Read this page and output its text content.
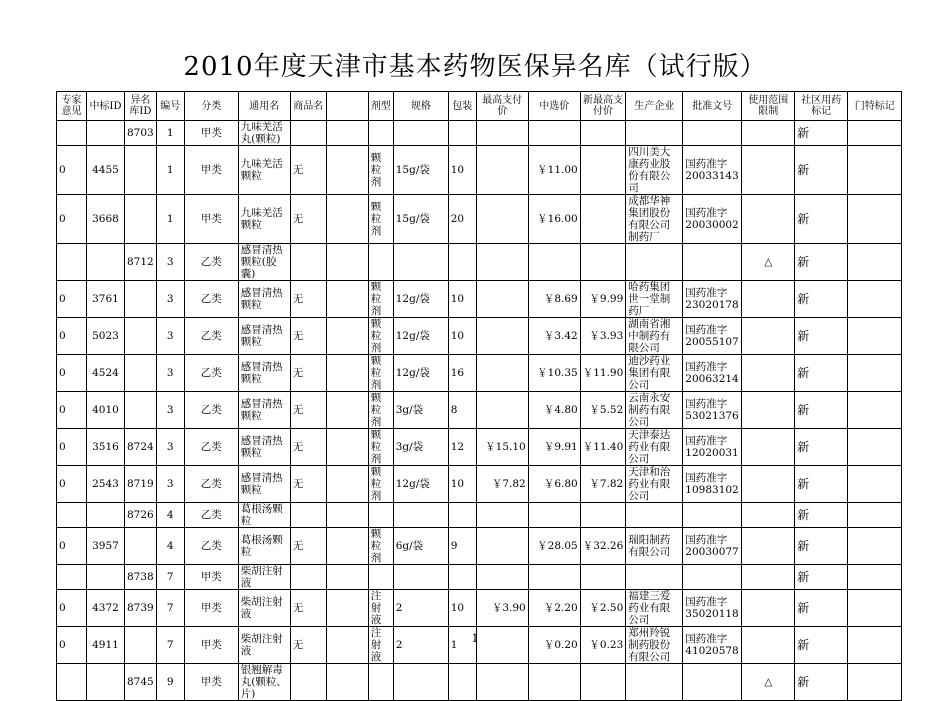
2010年度天津市基本药物医保异名库（试行版）
专家意见	中标ID	异名库ID	编号	分类	通用名	商品名		剂型	规格	包装	最高支付价	中选价	新最高支付价	生产企业	批准文号	使用范围限制	社区用药标记	门特标记
		8703	1	甲类	九味羌活丸(颗粒)												新	
0	4455		1	甲类	九味羌活颗粒	无		颗粒剂	15g/袋	10		￥11.00		四川美大康药业股份有限公司	国药准字20033143		新	
0	3668		1	甲类	九味羌活颗粒	无		颗粒剂	15g/袋	20		￥16.00		成都华神集团股份有限公司制药厂	国药准字20030002		新	
		8712	3	乙类	感冒清热颗粒(胶囊)											△	新	
0	3761		3	乙类	感冒清热颗粒	无		颗粒剂	12g/袋	10		￥8.69	￥9.99	哈药集团世一堂制药厂	国药准字23020178		新	
0	5023		3	乙类	感冒清热颗粒	无		颗粒剂	12g/袋	10		￥3.42	￥3.93	湖南省湘中制药有限公司	国药准字20055107		新	
0	4524		3	乙类	感冒清热颗粒	无		颗粒剂	12g/袋	16		￥10.35	￥11.90	迪沙药业集团有限公司	国药准字20063214		新	
0	4010		3	乙类	感冒清热颗粒	无		颗粒剂	3g/袋	8		￥4.80	￥5.52	云南永安制药有限公司	国药准字53021376		新	
0	3516	8724	3	乙类	感冒清热颗粒	无		颗粒剂	3g/袋	12	￥15.10	￥9.91	￥11.40	天津泰达药业有限公司	国药准字12020031		新	
0	2543	8719	3	乙类	感冒清热颗粒	无		颗粒剂	12g/袋	10	￥7.82	￥6.80	￥7.82	天津和治药业有限公司	国药准字10983102		新	
		8726	4	乙类	葛根汤颗粒												新	
0	3957		4	乙类	葛根汤颗粒	无		颗粒剂	6g/袋	9		￥28.05	￥32.26	瑞阳制药有限公司	国药准字20030077		新	
		8738	7	甲类	柴胡注射液												新	
0	4372	8739	7	甲类	柴胡注射液	无		注射液	2	10	￥3.90	￥2.20	￥2.50	福建三爱药业有限公司	国药准字35020118		新	
0	4911		7	甲类	柴胡注射液	无		注射液	2	1		￥0.20	￥0.23	郑州羚锐制药股份有限公司	国药准字41020578		新	
		8745	9	甲类	银翘解毒丸(颗粒、片)											△	新	
1
